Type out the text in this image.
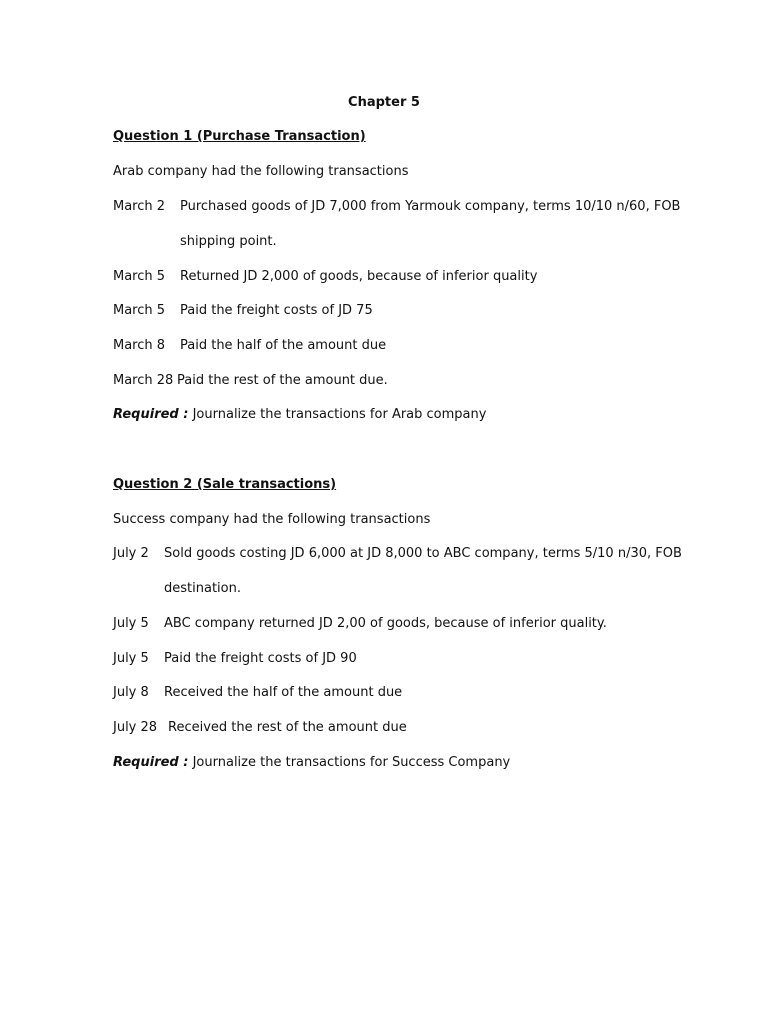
Chapter 5
Question 1 (Purchase Transaction)
Arab company had the following transactions
March 2 Purchased goods of JD 7,000 from Yarmouk company, terms 10/10 n/60, FOB
shipping point.
March 5 Returned JD 2,000 of goods, because of inferior quality
March 5 Paid the freight costs of JD 75
March 8 Paid the half of the amount due
March 28 Paid the rest of the amount due.
Required : Journalize the transactions for Arab company
Question 2 (Sale transactions)
Success company had the following transactions
July 2 Sold goods costing JD 6,000 at JD 8,000 to ABC company, terms 5/10 n/30, FOB
destination.
July 5 ABC company returned JD 2,00 of goods, because of inferior quality.
July 5 Paid the freight costs of JD 90
July 8 Received the half of the amount due
July 28 Received the rest of the amount due
Required : Journalize the transactions for Success Company
